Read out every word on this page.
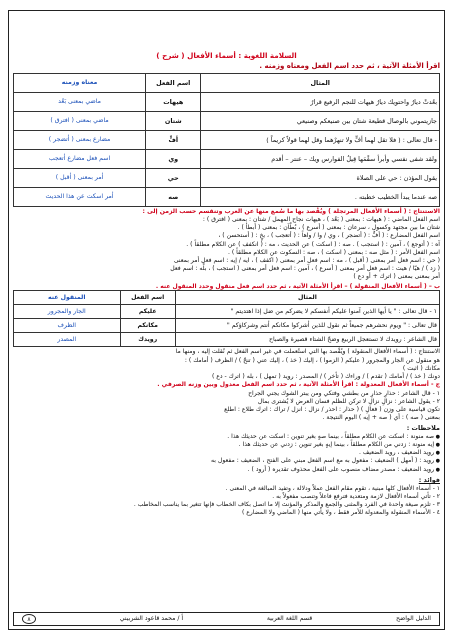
السلامة اللغوية : أسماء الأفعال ( شرح )
اقرأ الأمثلة الآتية ، ثم حدد اسم الفعل ومعناه وزمنه .
المثال	اسم الفعل	معناه وزمنه
بعُدتْ ديارُ واحتويك ديارُ هيهات للنجم الرفيع قرارُ	هيهات	ماضي بمعنى بَعُد
جازيتموني بالوصال قطيعة شتان بين صنيعكم وصنيعي	شتان	ماضي بمعنى ( افترق )
- قال تعالى : ( فلا تقل لهما أفٍّ ولا تنهرْهما وقل لهما قولاً كريماً )	أفٍّ	مضارع بمعنى ( أتضجر )
ولقد شفى نفسي وأبرأ سقْمَها قِيلُ الفوارس ويك – عنتر – أقدم	وي	اسم فعل مضارع أتعجب
يقول المؤذن : حي على الصلاة	حي	أمر بمعنى ( أقبل )
صه عندما يبدأ الخطيب خطبته .	صه	أمر اسكت عن هذا الحديث

الاستنتاج : ( أسماء الأفعال المرتجلة ) ويُقْصد بها ما سُمع منها عن العرب وتنقسم حسب الزمن إلى :

اسم الفعل الماضي : ( هيهات : بمعنى ( بَعُد ) ، هيهات نجاح المهمل / شتان : بمعنى ( افترق ) :

شتان ما بين مجتهد وكسول ، سرعان : بمعنى ( أسرع ) ، بُطْآن : بمعنى ( أبطأ ) .

اسم الفعل المضارع : ( أفٍّ : ( أتضجر ) ، وي / وا / واهاً : ( أتعجب ) ، بخٍ : ( أستحسن ) ،

آه : ( أتوجع ) ، آمين : ( استجب ) . صه : ( اسكت ) عن الحديث ، مه : ( انكفف ) عن الكلام مطلقاً ) .

اسم الفعل الأمر : ( مثل صه : بمعنى ( اسكت ) ، صه : السكوت عن الكلام مطلقاً ) .

( حي : اسم فعل أمر بمعنى ( أقبل ) ، مه : اسم فعل أمر بمعنى ( اكفف ) ، ايه / إيه : اسم فعل أمر بمعنى

( زد ) / هيّا / هيت : اسم فعل أمر بمعنى ( أسرع ) ، آمين : اسم فعل أمر بمعنى ( استجب ) ، بلْه : اسم فعل

أمر بمعنى بمعنى ( اترك + أو دع )

ب – ( أسماء الأفعال المنقولة ) – اقرأ الأمثلة الآتية ، ثم حدد اسم فعل منقول وحدد المنقول عنه .
المثال	اسم الفعل	المنقول عنه
١ - قال تعالى : " يا أيها الذين آمنوا عليكم أنفسكم لا يضركم من ضل إذا اهتديتم "	عليكم	الجار والمجرور
قال تعالى : " ويوم نحشرهم جميعاً ثم نقول للذين أشركوا مكانكم أنتم وشركاؤكم "	مكانكم	الظرف
قال الشاعر : رويدك لا تستعجل الربيع وضحّ الشتاء قصيرة والصباح	رويدك	المصدر

الاستنتاج : ( أسماء الأفعال المنقولة ) ويُقْصد بها التي استُعملت في غير اسم الفعل ثم نُقلت إليه ، ومنها ما

هو منقول عن الجار والمجرور ( عليكم ( الزموا ) ، إليك ( خذ ) ، إليك عني ( تنحّ ) / الظرف ( أمامك ) :

مكانك ( اثبت )

دونك ( خذ ) / أمامك ( تقدم ) / وراءك ( تأخر ) / المصدر : رويد ( تمهل ) ، بله ( اترك - دع )

ج - أسماء الأفعال المعدولة : اقرأ الأمثلة الآتية ، ثم حدد اسم الفعل معدول وبين وزنه الصرفي .

١ - قال الشاعر : حذارِ حذارِ من بطشي وفتكي ومن يبتر الشوك يجني الجراح

٢ - يقول الشاعر : نزالِ نزالِ لا تركن للظلم فسان العرض لا يُشترى بمال

تكون قياسية على وزن ( فعالِ ) ( حذار : احذر / نزال : انزل / تراك : اترك طلاع : اطلع

بمعنى ( صه ) : أي ( صه + إيه ) اليوم النتيجة .

ملاحظات :

● صه منونة : اسكت عن الكلام مطلقاً ، بينما صهٍ بغير تنوين : اسكت عن حديثك هذا .

● إيه منونة : زدني من الكلام مطلقاً ، بينما إيهٍ بغير تنوين : زدني عن حديثك هذا .

● رويد الضعيف ، رويد الضعيف .

● رويد : ( أمهل ) الضعيف : مفعول به مع اسم الفعل مبني على الفتح ، الضعيف : مفعول به

● رويد الضعيف : مصدر مضاف منصوب على الفعل محذوف تقديره ( أرود ) .

فوائد :

١ - أسماء الأفعال كلها مبنية ، تقوم مقام الفعل عملاً ودلالة ، وتفيد المبالغة في المعنى .

٢ - تأتي أسماء الأفعال لازمة ومتعدية فترفع فاعلاً وتنصب مفعولاً به .

٣ - تلزم صيغة واحدة في الفرد والمثنى والجمع والمذكر والمؤنث إلا ما اتصل بكاف الخطاب فإنها تتغير بما يناسب المخاطب .

٤ - الأسماء المنقولة والمعدولة للأمر فقط ، ولا يأتي منها ( الماضي ولا المضارع )

الدليل الواضح
قسم اللغة العربية
أ / محمد قاعود الشربيني
٨
